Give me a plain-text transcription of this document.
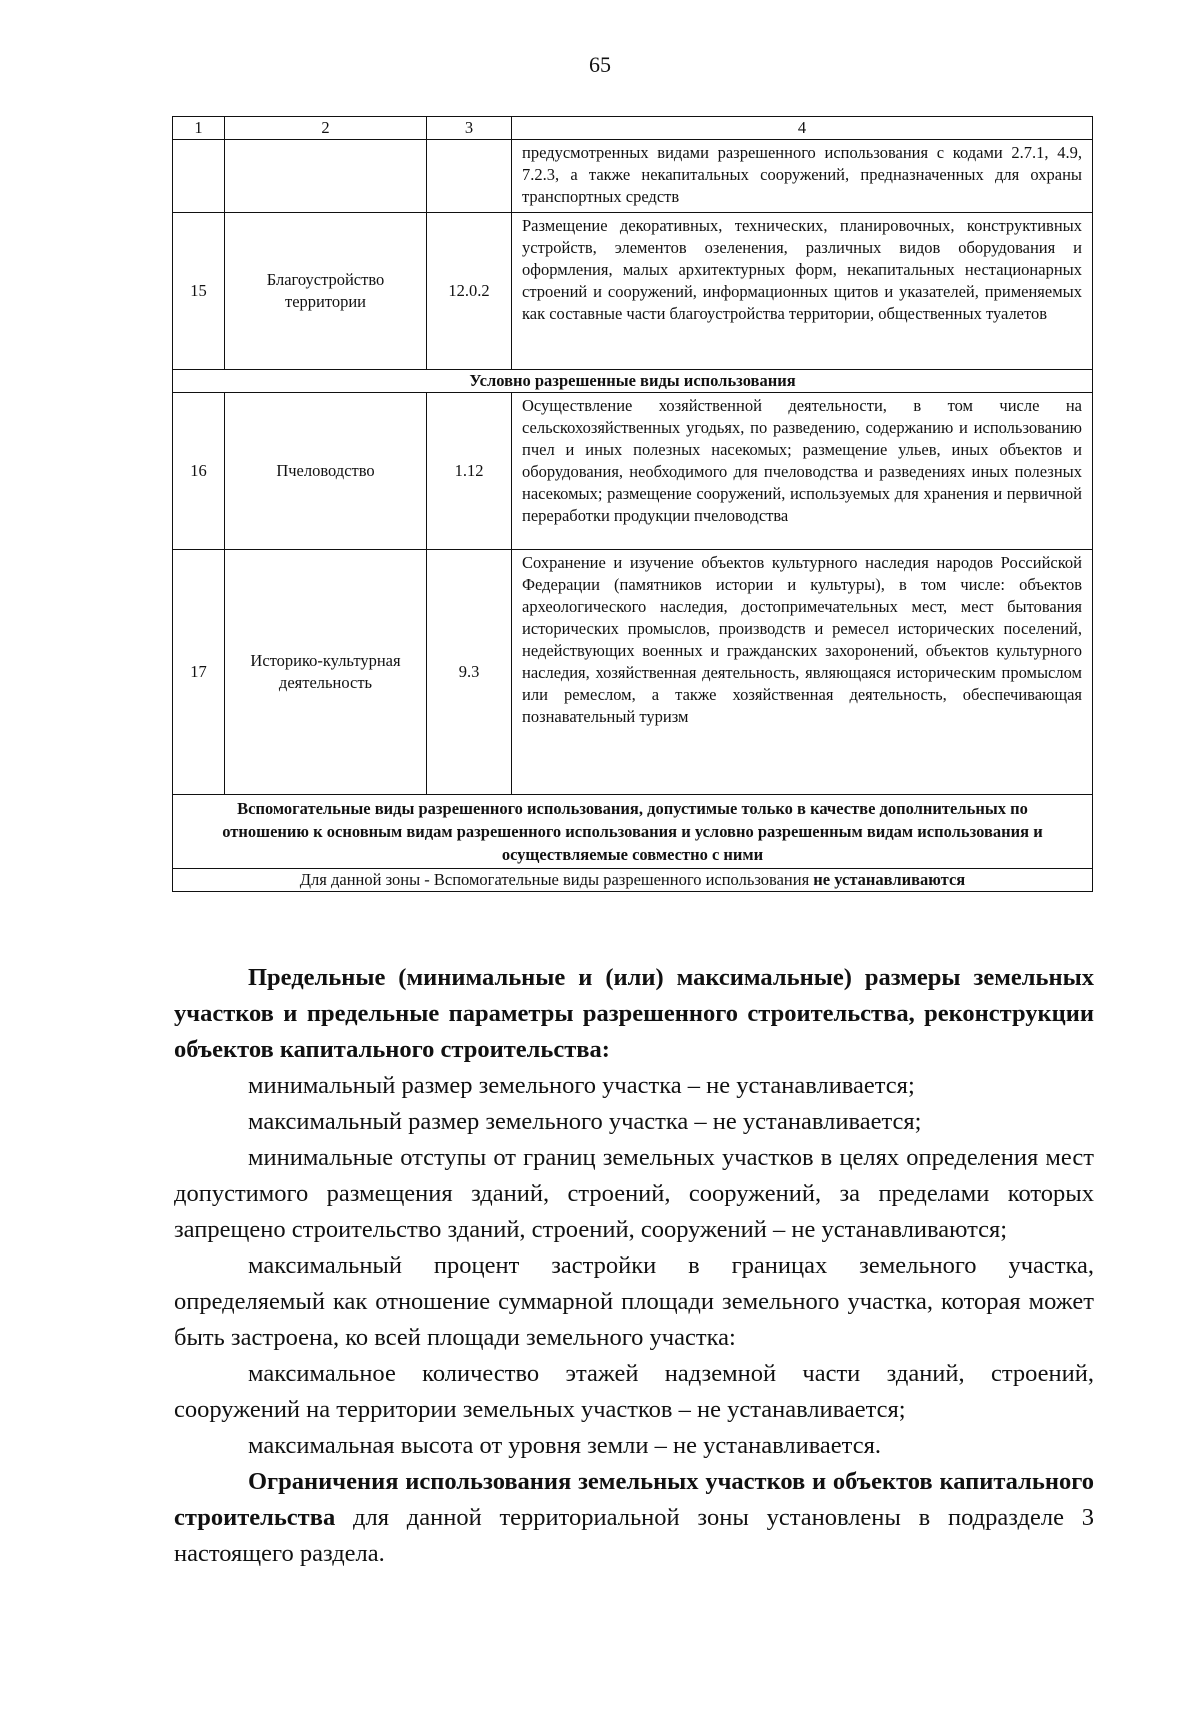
65
1	2	3	4
			предусмотренных видами разрешенного использования с кодами 2.7.1, 4.9, 7.2.3, а также некапитальных сооружений, предназначенных для охраны транспортных средств
15	Благоустройство территории	12.0.2	Размещение декоративных, технических, планировочных, конструктивных устройств, элементов озеленения, различных видов оборудования и оформления, малых архитектурных форм, некапитальных нестационарных строений и сооружений, информационных щитов и указателей, применяемых как составные части благоустройства территории, общественных туалетов
Условно разрешенные виды использования			
16	Пчеловодство	1.12	Осуществление хозяйственной деятельности, в том числе на сельскохозяйственных угодьях, по разведению, содержанию и использованию пчел и иных полезных насекомых; размещение ульев, иных объектов и оборудования, необходимого для пчеловодства и разведениях иных полезных насекомых; размещение сооружений, используемых для хранения и первичной переработки продукции пчеловодства
17	Историко-культурная деятельность	9.3	Сохранение и изучение объектов культурного наследия народов Российской Федерации (памятников истории и культуры), в том числе: объектов археологического наследия, достопримечательных мест, мест бытования исторических промыслов, производств и ремесел исторических поселений, недействующих военных и гражданских захоронений, объектов культурного наследия, хозяйственная деятельность, являющаяся историческим промыслом или ремеслом, а также хозяйственная деятельность, обеспечивающая познавательный туризм
Вспомогательные виды разрешенного использования, допустимые только в качестве дополнительных по отношению к основным видам разрешенного использования и условно разрешенным видам использования и осуществляемые совместно с ними			
Для данной зоны - Вспомогательные виды разрешенного использования не устанавливаются			

Предельные (минимальные и (или) максимальные) размеры земельных участков и предельные параметры разрешенного строительства, реконструкции объектов капитального строительства:

минимальный размер земельного участка – не устанавливается;

максимальный размер земельного участка – не устанавливается;

минимальные отступы от границ земельных участков в целях определения мест допустимого размещения зданий, строений, сооружений, за пределами которых запрещено строительство зданий, строений, сооружений – не устанавливаются;

максимальный процент застройки в границах земельного участка, определяемый как отношение суммарной площади земельного участка, которая может быть застроена, ко всей площади земельного участка:

максимальное количество этажей надземной части зданий, строений, сооружений на территории земельных участков – не устанавливается;

максимальная высота от уровня земли – не устанавливается.

Ограничения использования земельных участков и объектов капитального строительства для данной территориальной зоны установлены в подразделе 3 настоящего раздела.
